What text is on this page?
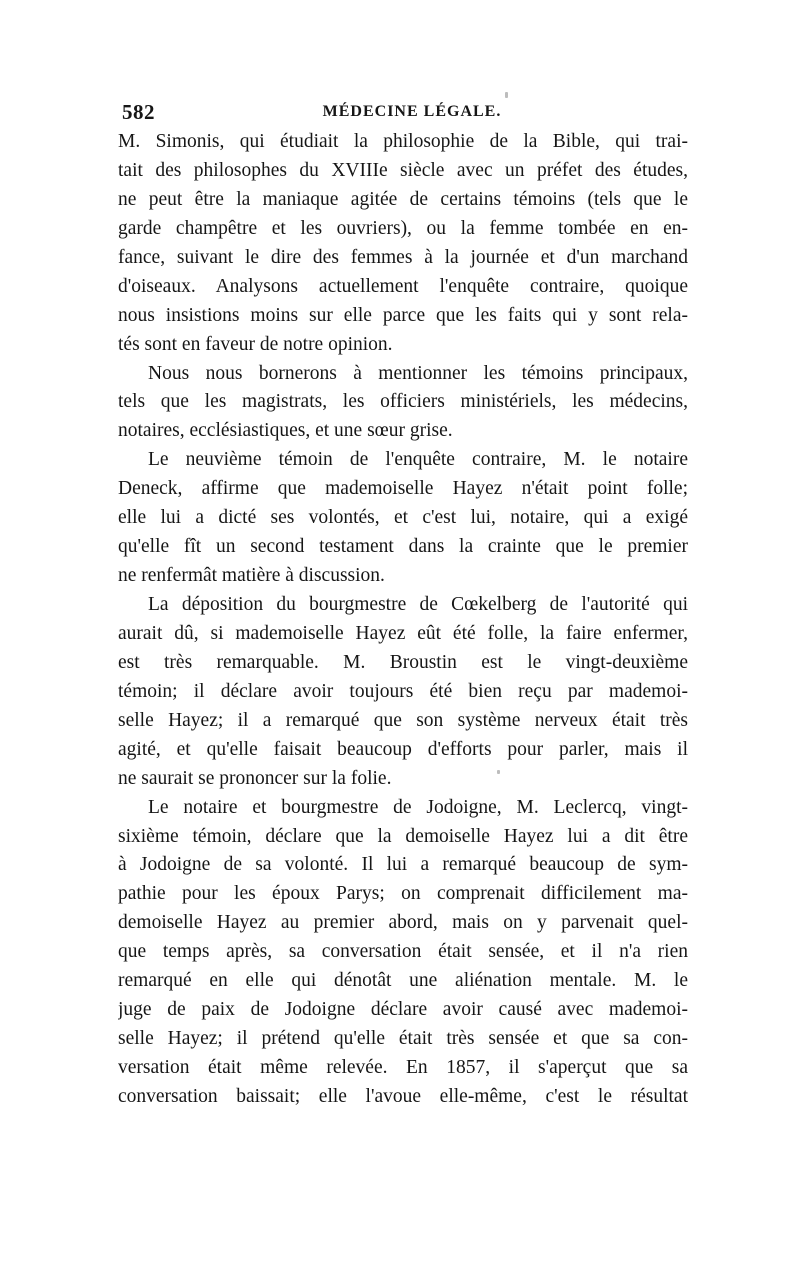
582	MÉDECINE LÉGALE.
M. Simonis, qui étudiait la philosophie de la Bible, qui trai-
tait des philosophes du XVIIIe siècle avec un préfet des études,
ne peut être la maniaque agitée de certains témoins (tels que le
garde champêtre et les ouvriers), ou la femme tombée en en-
fance, suivant le dire des femmes à la journée et d'un marchand
d'oiseaux. Analysons actuellement l'enquête contraire, quoique
nous insistions moins sur elle parce que les faits qui y sont rela-
tés sont en faveur de notre opinion.
Nous nous bornerons à mentionner les témoins principaux,
tels que les magistrats, les officiers ministériels, les médecins,
notaires, ecclésiastiques, et une sœur grise.
Le neuvième témoin de l'enquête contraire, M. le notaire
Deneck, affirme que mademoiselle Hayez n'était point folle;
elle lui a dicté ses volontés, et c'est lui, notaire, qui a exigé
qu'elle fît un second testament dans la crainte que le premier
ne renfermât matière à discussion.
La déposition du bourgmestre de Cœkelberg de l'autorité qui
aurait dû, si mademoiselle Hayez eût été folle, la faire enfermer,
est très remarquable. M. Broustin est le vingt-deuxième
témoin; il déclare avoir toujours été bien reçu par mademoi-
selle Hayez; il a remarqué que son système nerveux était très
agité, et qu'elle faisait beaucoup d'efforts pour parler, mais il
ne saurait se prononcer sur la folie.
Le notaire et bourgmestre de Jodoigne, M. Leclercq, vingt-
sixième témoin, déclare que la demoiselle Hayez lui a dit être
à Jodoigne de sa volonté. Il lui a remarqué beaucoup de sym-
pathie pour les époux Parys; on comprenait difficilement ma-
demoiselle Hayez au premier abord, mais on y parvenait quel-
que temps après, sa conversation était sensée, et il n'a rien
remarqué en elle qui dénotât une aliénation mentale. M. le
juge de paix de Jodoigne déclare avoir causé avec mademoi-
selle Hayez; il prétend qu'elle était très sensée et que sa con-
versation était même relevée. En 1857, il s'aperçut que sa
conversation baissait; elle l'avoue elle-même, c'est le résultat
